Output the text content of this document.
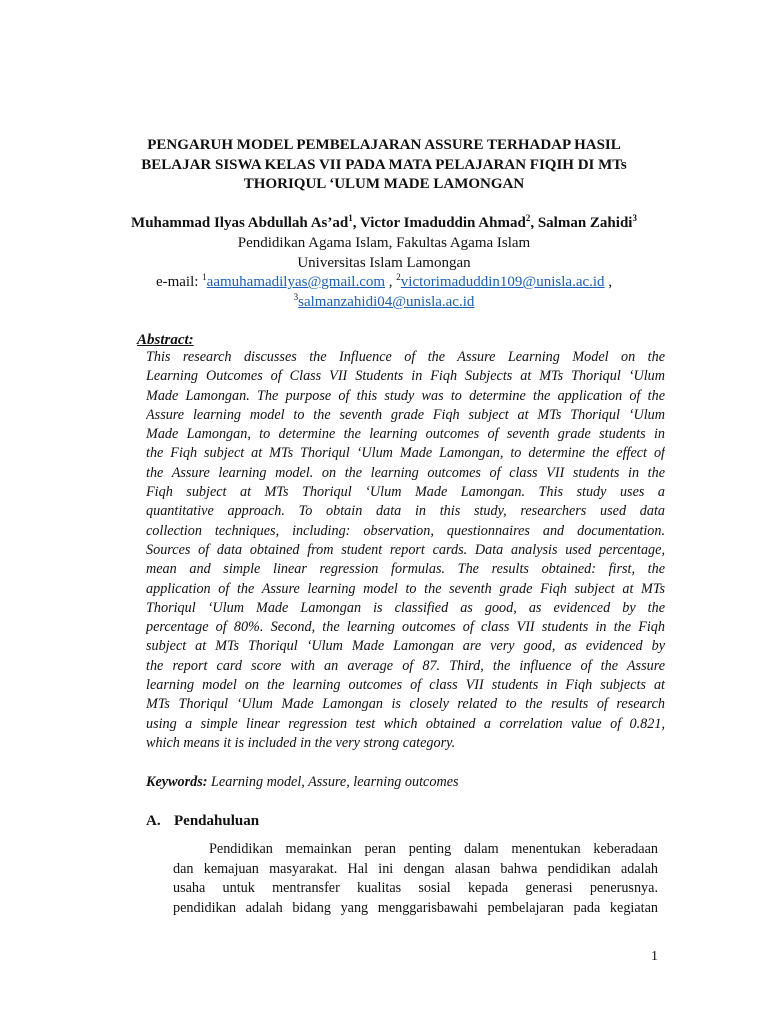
PENGARUH MODEL PEMBELAJARAN ASSURE TERHADAP HASIL
BELAJAR SISWA KELAS VII PADA MATA PELAJARAN FIQIH DI MTs
THORIQUL ‘ULUM MADE LAMONGAN
Muhammad Ilyas Abdullah $As’ad^1$, Victor Imaduddin Ahmad$^2$, Salman Zahidi$^3$
Pendidikan Agama Islam, Fakultas Agama Islam
Universitas Islam Lamongan
e-mail: $^1$aamuhamadilyas@gmail.com , $^2$victorimaduddin109@unisla.ac.id ,
$^3$salmanzahidi04@unisla.ac.id
Abstract:
This research discusses the Influence of the Assure Learning Model on the
Learning Outcomes of Class VII Students in Fiqh Subjects at MTs Thoriqul ‘Ulum
Made Lamongan. The purpose of this study was to determine the application of the
Assure learning model to the seventh grade Fiqh subject at MTs Thoriqul ‘Ulum
Made Lamongan, to determine the learning outcomes of seventh grade students in
the Fiqh subject at MTs Thoriqul ‘Ulum Made Lamongan, to determine the effect of
the Assure learning model. on the learning outcomes of class VII students in the
Fiqh subject at MTs Thoriqul ‘Ulum Made Lamongan. This study uses a
quantitative approach. To obtain data in this study, researchers used data
collection techniques, including: observation, questionnaires and documentation.
Sources of data obtained from student report cards. Data analysis used percentage,
mean and simple linear regression formulas. The results obtained: first, the
application of the Assure learning model to the seventh grade Fiqh subject at MTs
Thoriqul ‘Ulum Made Lamongan is classified as good, as evidenced by the
percentage of 80%. Second, the learning outcomes of class VII students in the Fiqh
subject at MTs Thoriqul ‘Ulum Made Lamongan are very good, as evidenced by
the report card score with an average of 87. Third, the influence of the Assure
learning model on the learning outcomes of class VII students in Fiqh subjects at
MTs Thoriqul ‘Ulum Made Lamongan is closely related to the results of research
using a simple linear regression test which obtained a correlation value of 0.821,
which means it is included in the very strong category.
Keywords: Learning model, Assure, learning outcomes
A. Pendahuluan
Pendidikan memainkan peran penting dalam menentukan keberadaan
dan kemajuan masyarakat. Hal ini dengan alasan bahwa pendidikan adalah
usaha untuk mentransfer kualitas sosial kepada generasi penerusnya.
pendidikan adalah bidang yang menggarisbawahi pembelajaran pada kegiatan
1
